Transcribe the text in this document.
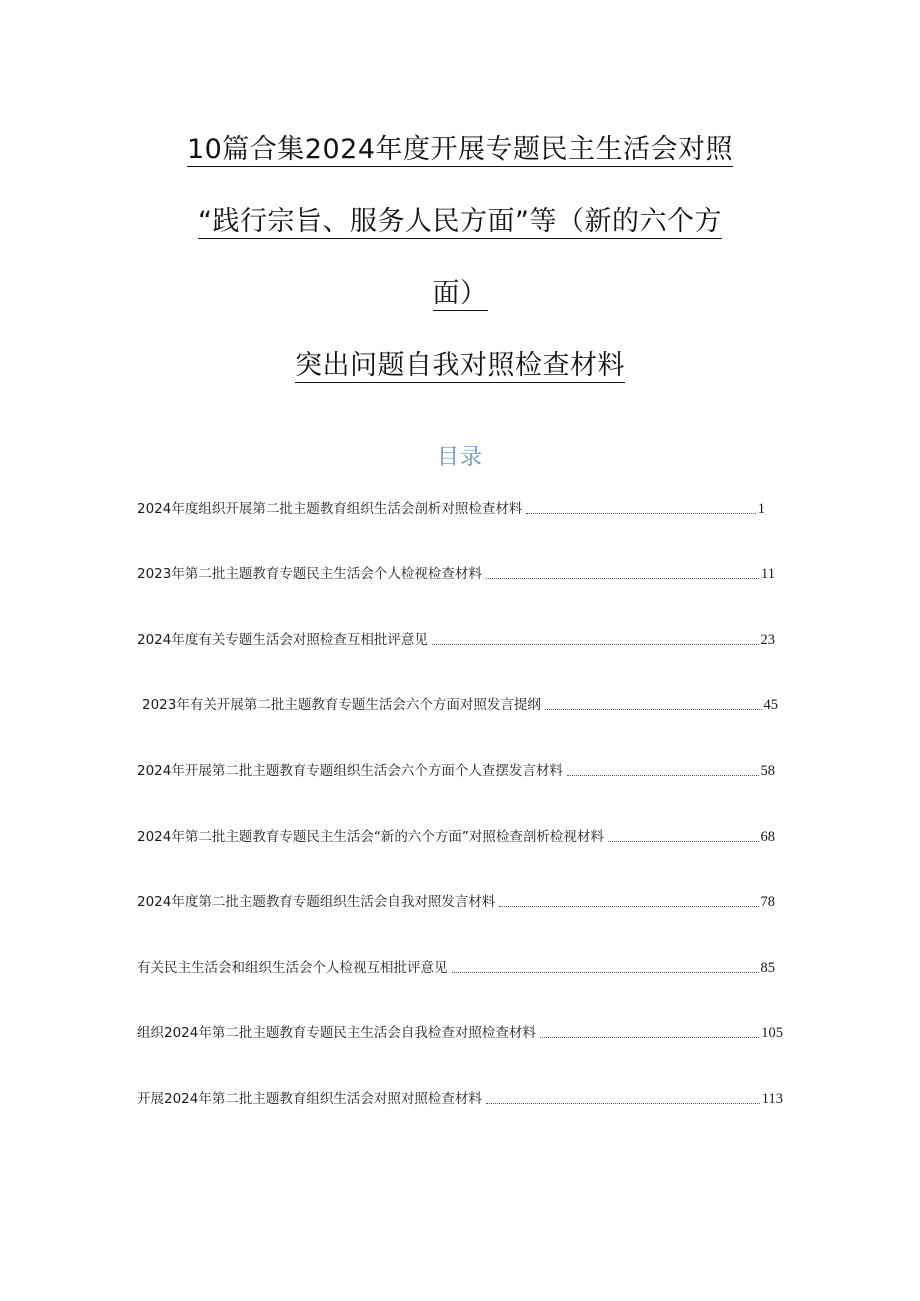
10篇合集2024年度开展专题民主生活会对照
“践行宗旨、服务人民方面”等（新的六个方
面）
突出问题自我对照检查材料
目录
2024年度组织开展第二批主题教育组织生活会剖析对照检查材料	1
2023年第二批主题教育专题民主生活会个人检视检查材料	11
2024年度有关专题生活会对照检查互相批评意见	23
2023年有关开展第二批主题教育专题生活会六个方面对照发言提纲	45
2024年开展第二批主题教育专题组织生活会六个方面个人查摆发言材料	58
2024年第二批主题教育专题民主生活会“新的六个方面”对照检查剖析检视材料	68
2024年度第二批主题教育专题组织生活会自我对照发言材料	78
有关民主生活会和组织生活会个人检视互相批评意见	85
组织2024年第二批主题教育专题民主生活会自我检查对照检查材料	105
开展2024年第二批主题教育组织生活会对照对照检查材料	113
